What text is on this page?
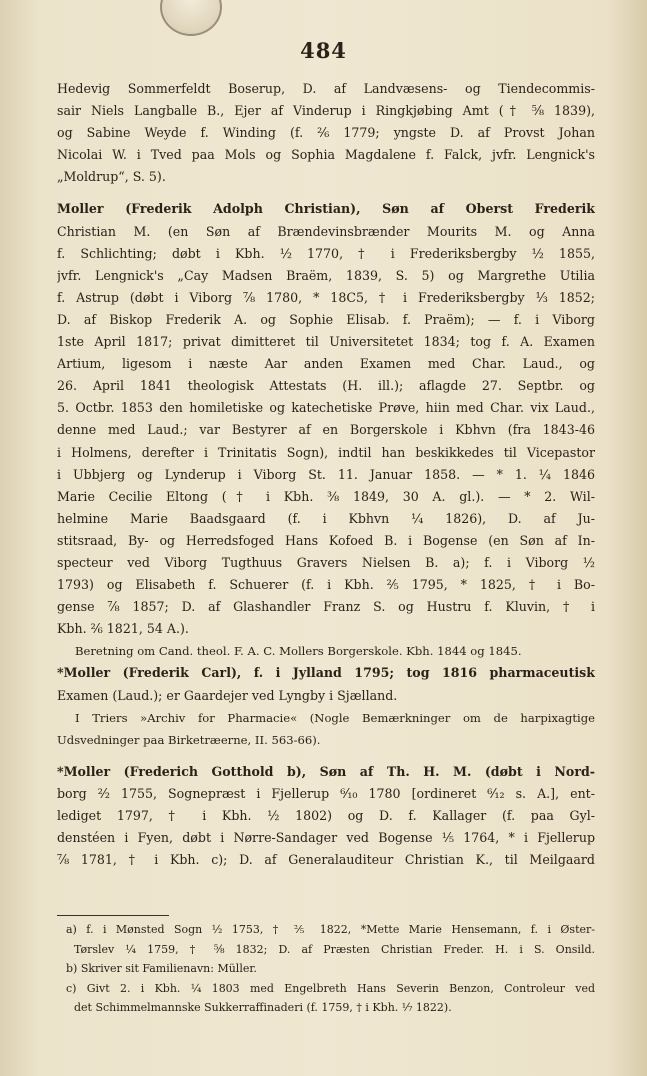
484
Hedevig Sommerfeldt Boserup, D. af Landvæsens- og Tiendecommis-
sair Niels Langballe B., Ejer af Vinderup i Ringkjøbing Amt († ⅝ 1839),
og Sabine Weyde f. Winding (f. ²⁄₆ 1779; yngste D. af Provst Johan
Nicolai W. i Tved paa Mols og Sophia Magdalene f. Falck, jvfr. Lengnick's
„Moldrup“, S. 5).
Moller (Frederik Adolph Christian), Søn af Oberst Frederik
Christian M. (en Søn af Brændevinsbrænder Mourits M. og Anna
f. Schlichting; døbt i Kbh. ½ 1770, † i Frederiksbergby ½ 1855,
jvfr. Lengnick's „Cay Madsen Braëm, 1839, S. 5) og Margrethe Utilia
f. Astrup (døbt i Viborg ⅞ 1780, * 18C5, † i Frederiksbergby ⅓ 1852;
D. af Biskop Frederik A. og Sophie Elisab. f. Praëm); — f. i Viborg
1ste April 1817; privat dimitteret til Universitetet 1834; tog f. A. Examen
Artium, ligesom i næste Aar anden Examen med Char. Laud., og
26. April 1841 theologisk Attestats (H. ill.); aflagde 27. Septbr. og
5. Octbr. 1853 den homiletiske og katechetiske Prøve, hiin med Char. vix Laud.,
denne med Laud.; var Bestyrer af en Borgerskole i Kbhvn (fra 1843-46
i Holmens, derefter i Trinitatis Sogn), indtil han beskikkedes til Vicepastor
i Ubbjerg og Lynderup i Viborg St. 11. Januar 1858. — * 1. ¼ 1846
Marie Cecilie Eltong († i Kbh. ⅜ 1849, 30 A. gl.). — * 2. Wil-
helmine Marie Baadsgaard (f. i Kbhvn ¼ 1826), D. af Ju-
stitsraad, By- og Herredsfoged Hans Kofoed B. i Bogense (en Søn af In-
specteur ved Viborg Tugthuus Gravers Nielsen B. a); f. i Viborg ½
1793) og Elisabeth f. Schuerer (f. i Kbh. ²⁄₅ 1795, * 1825, † i Bo-
gense ⅞ 1857; D. af Glashandler Franz S. og Hustru f. Kluvin, † i
Kbh. ²⁄₆ 1821, 54 A.).
Beretning om Cand. theol. F. A. C. Mollers Borgerskole. Kbh. 1844 og 1845.
*Moller (Frederik Carl), f. i Jylland 1795; tog 1816 pharmaceutisk
Examen (Laud.); er Gaardejer ved Lyngby i Sjælland.
I Triers »Archiv for Pharmacie« (Nogle Bemærkninger om de harpixagtige
Udsvedninger paa Birketræerne, II. 563-66).
*Moller (Frederich Gotthold b), Søn af Th. H. M. (døbt i Nord-
borg ²⁄₂ 1755, Sognepræst i Fjellerup ⁶⁄₁₀ 1780 [ordineret ⁶⁄₁₂ s. A.], ent-
lediget 1797, † i Kbh. ½ 1802) og D. f. Kallager (f. paa Gyl-
denstéen i Fyen, døbt i Nørre-Sandager ved Bogense ¹⁄₅ 1764, * i Fjellerup
⅞ 1781, † i Kbh. c); D. af Generalauditeur Christian K., til Meilgaard
a) f. i Mønsted Sogn ½ 1753, † ⅖ 1822, *Mette Marie Hensemann, f. i Øster-
Tørslev ¼ 1759, † ⅝ 1832; D. af Præsten Christian Freder. H. i S. Onsild.
b) Skriver sit Familienavn: Müller.
c) Givt 2. i Kbh. ¼ 1803 med Engelbreth Hans Severin Benzon, Controleur ved
det Schimmelmannske Sukkerraffinaderi (f. 1759, † i Kbh. ¹⁄₇ 1822).
